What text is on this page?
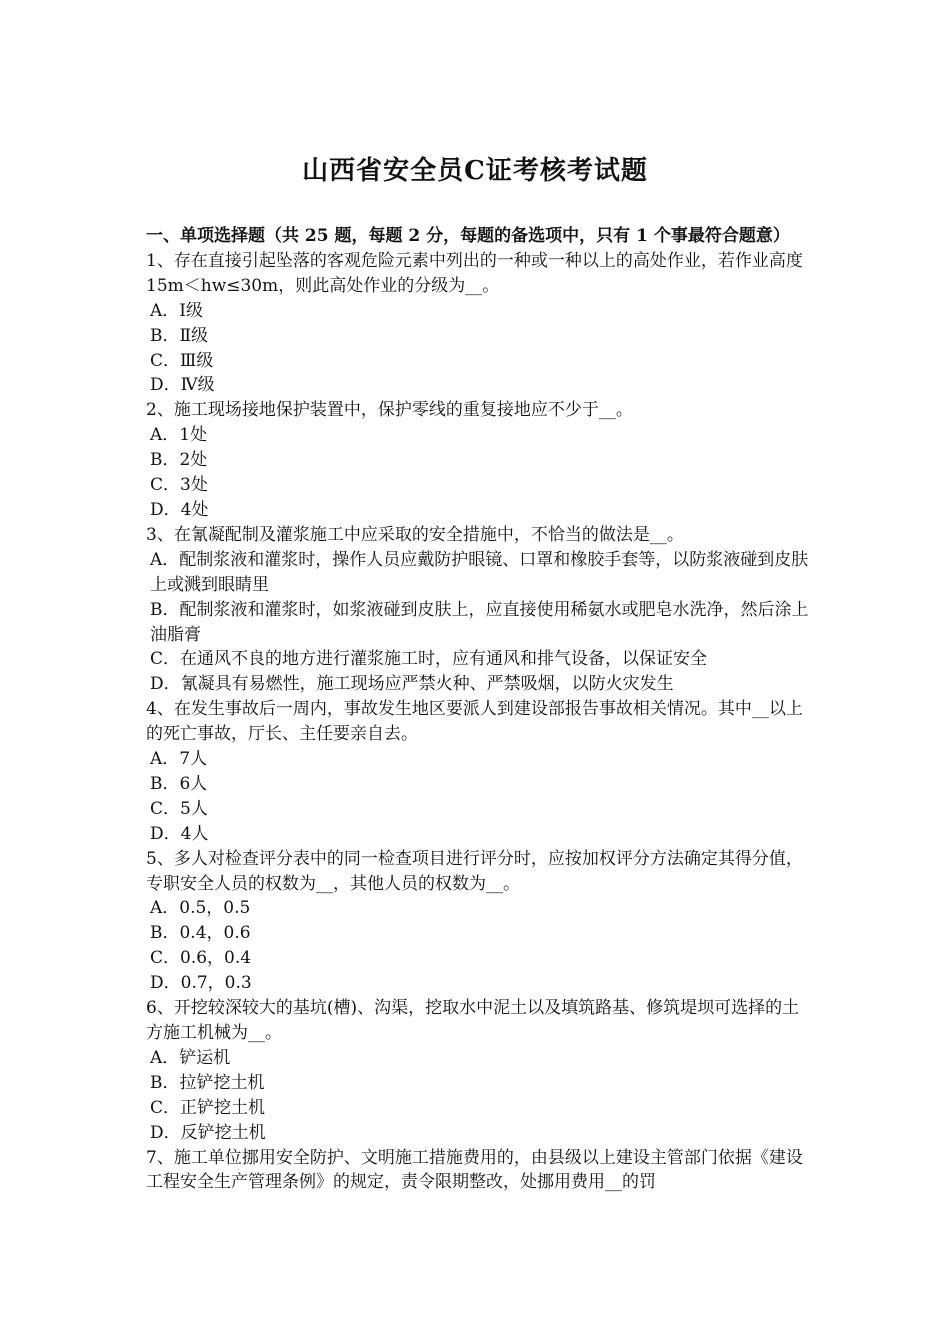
山西省安全员C证考核考试题
一、单项选择题（共 25 题，每题 2 分，每题的备选项中，只有 1 个事最符合题意）
1、存在直接引起坠落的客观危险元素中列出的一种或一种以上的高处作业，若作业高度15m＜hw≤30m，则此高处作业的分级为__。
A．Ⅰ级
B．Ⅱ级
C．Ⅲ级
D．Ⅳ级
2、施工现场接地保护装置中，保护零线的重复接地应不少于__。
A．1处
B．2处
C．3处
D．4处
3、在氰凝配制及灌浆施工中应采取的安全措施中，不恰当的做法是__。
A．配制浆液和灌浆时，操作人员应戴防护眼镜、口罩和橡胶手套等，以防浆液碰到皮肤上或溅到眼睛里
B．配制浆液和灌浆时，如浆液碰到皮肤上，应直接使用稀氨水或肥皂水洗净，然后涂上油脂膏
C．在通风不良的地方进行灌浆施工时，应有通风和排气设备，以保证安全
D．氰凝具有易燃性，施工现场应严禁火种、严禁吸烟，以防火灾发生
4、在发生事故后一周内，事故发生地区要派人到建设部报告事故相关情况。其中__以上的死亡事故，厅长、主任要亲自去。
A．7人
B．6人
C．5人
D．4人
5、多人对检查评分表中的同一检查项目进行评分时，应按加权评分方法确定其得分值，专职安全人员的权数为__，其他人员的权数为__。
A．0.5，0.5
B．0.4，0.6
C．0.6，0.4
D．0.7，0.3
6、开挖较深较大的基坑(槽)、沟渠，挖取水中泥土以及填筑路基、修筑堤坝可选择的土方施工机械为__。
A．铲运机
B．拉铲挖土机
C．正铲挖土机
D．反铲挖土机
7、施工单位挪用安全防护、文明施工措施费用的，由县级以上建设主管部门依据《建设工程安全生产管理条例》的规定，责令限期整改，处挪用费用__的罚
